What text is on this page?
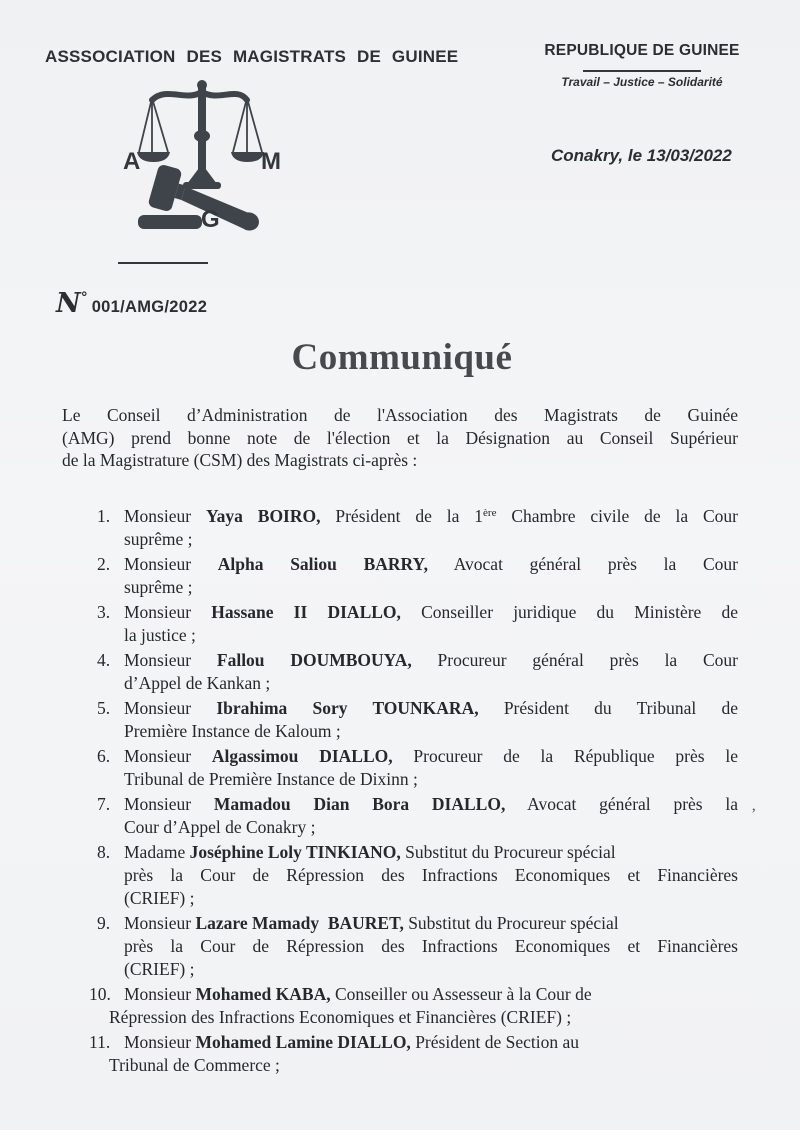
ASSSOCIATION DES MAGISTRATS DE GUINEE	REPUBLIQUE DE GUINEE
Travail – Justice – Solidarité
Conakry, le 13/03/2022
A	M
G
N° 001/AMG/2022
Communiqué
Le Conseil d’Administration de l'Association des Magistrats de Guinée
(AMG) prend bonne note de l'élection et la Désignation au Conseil Supérieur
de la Magistrature (CSM) des Magistrats ci-après :
1. Monsieur Yaya BOIRO, Président de la 1ère Chambre civile de la Cour
suprême ;
2. Monsieur Alpha Saliou BARRY, Avocat général près la Cour
suprême ;
3. Monsieur Hassane II DIALLO, Conseiller juridique du Ministère de
la justice ;
4. Monsieur Fallou DOUMBOUYA, Procureur général près la Cour
d’Appel de Kankan ;
5. Monsieur Ibrahima Sory TOUNKARA, Président du Tribunal de
Première Instance de Kaloum ;
6. Monsieur Algassimou DIALLO, Procureur de la République près le
Tribunal de Première Instance de Dixinn ;
7. Monsieur Mamadou Dian Bora DIALLO, Avocat général près la
Cour d’Appel de Conakry ;
8. Madame Joséphine Loly TINKIANO, Substitut du Procureur spécial
près la Cour de Répression des Infractions Economiques et Financières
(CRIEF) ;
9. Monsieur Lazare Mamady  BAURET, Substitut du Procureur spécial
près la Cour de Répression des Infractions Economiques et Financières
(CRIEF) ;
10. Monsieur Mohamed KABA, Conseiller ou Assesseur à la Cour de
Répression des Infractions Economiques et Financières (CRIEF) ;
11. Monsieur Mohamed Lamine DIALLO, Président de Section au
Tribunal de Commerce ;
’
